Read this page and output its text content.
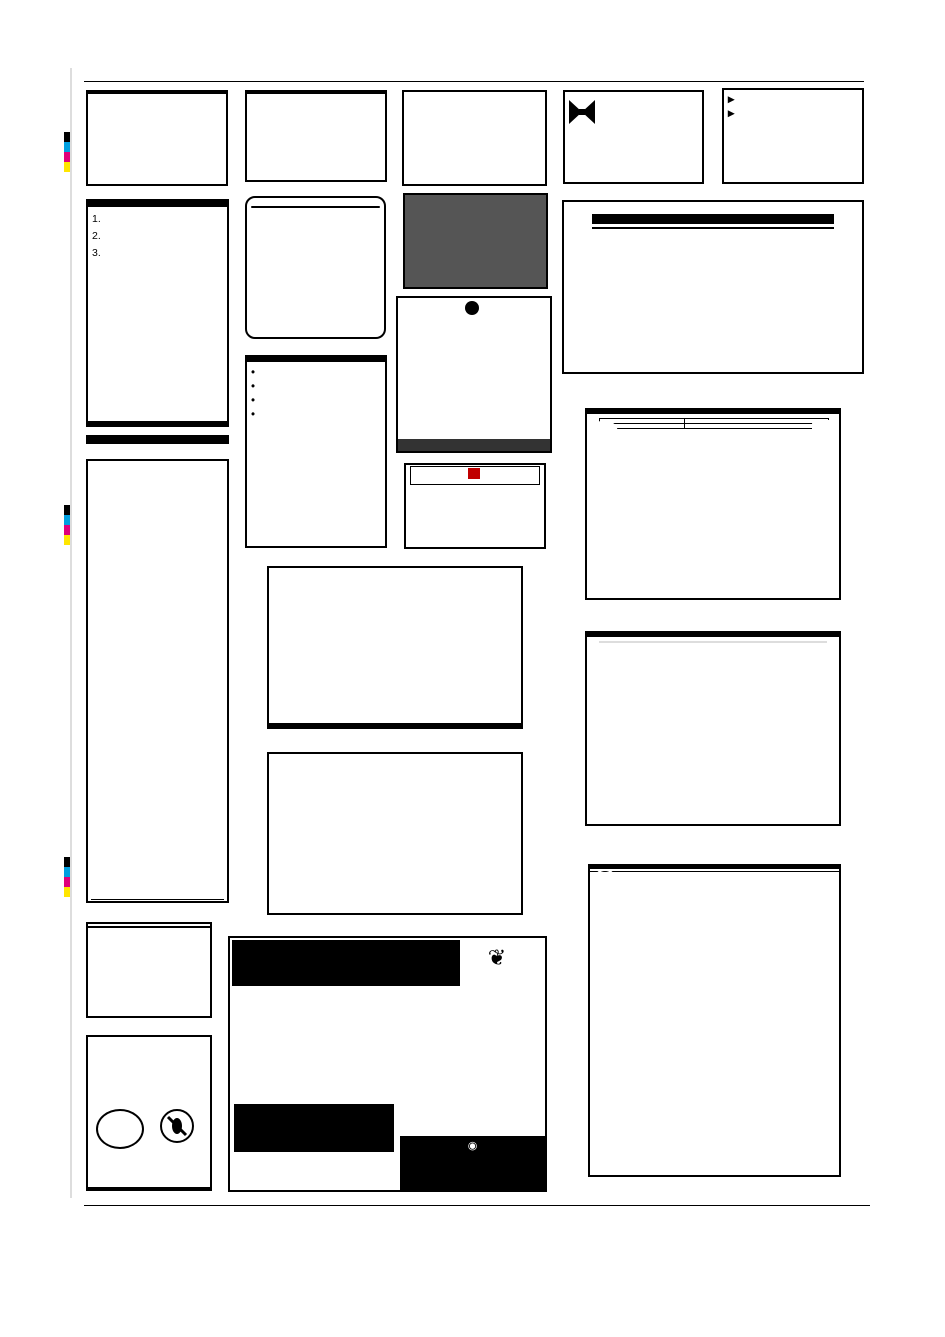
▸
▸
1.
2.
3.
•
•
•
•

❦
◉
